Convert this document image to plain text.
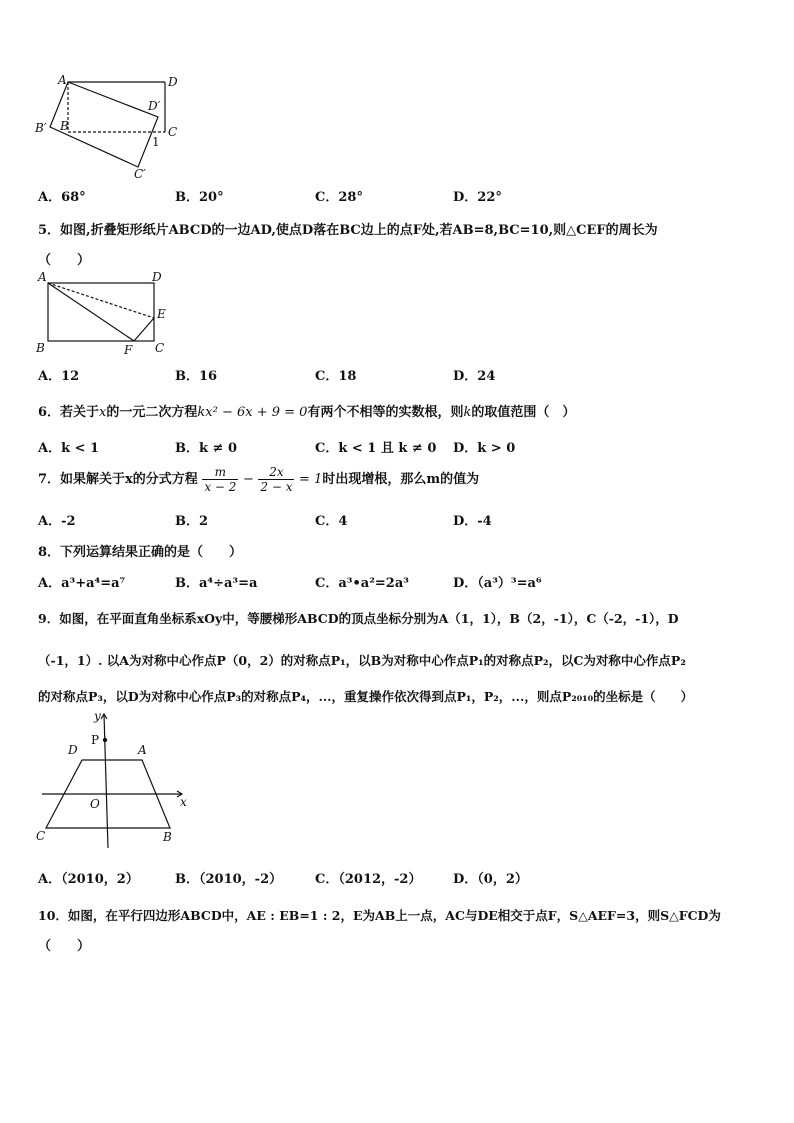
A	D
D′
B′ B	C
1
C′
A．68°	B．20°	C．28°	D．22°
5．如图,折叠矩形纸片ABCD的一边AD,使点D落在BC边上的点F处,若AB=8,BC=10,则△CEF的周长为
（　　）
A	D
E
B	F C
A．12	B．16	C．18	D．24
6．若关于x的一元二次方程kx² − 6x + 9 = 0有两个不相等的实数根，则k的取值范围（　）
A．k < 1	B．k ≠ 0	C．k < 1 且 k ≠ 0 D．k > 0
7．如果解关于x的分式方程 $\frac{m}{x - 2} - \frac{2x}{2 - x} = 1$时出现增根，那么m的值为
A．-2	B．2	C．4	D．-4
8．下列运算结果正确的是（　　）
A．a³+a⁴=a⁷	B．a⁴÷a³=a	C．a³•a²=2a³	D．（a³）³=a⁶
9．如图，在平面直角坐标系xOy中，等腰梯形ABCD的顶点坐标分别为A（1，1），B（2，-1），C（-2，-1），D
（-1，1）. 以A为对称中心作点P（0，2）的对称点P₁，以B为对称中心作点P₁的对称点P₂，以C为对称中心作点P₂
的对称点P₃，以D为对称中心作点P₃的对称点P₄，...，重复操作依次得到点P₁，P₂，...，则点P₂₀₁₀的坐标是（　　）
y
P
D	A
O	x
C	B
A．（2010，2）	B．（2010，-2）	C．（2012，-2） D．（0，2）
10．如图，在平行四边形ABCD中，AE : EB=1 : 2，E为AB上一点，AC与DE相交于点F，S△AEF=3，则S△FCD为
（　　）
